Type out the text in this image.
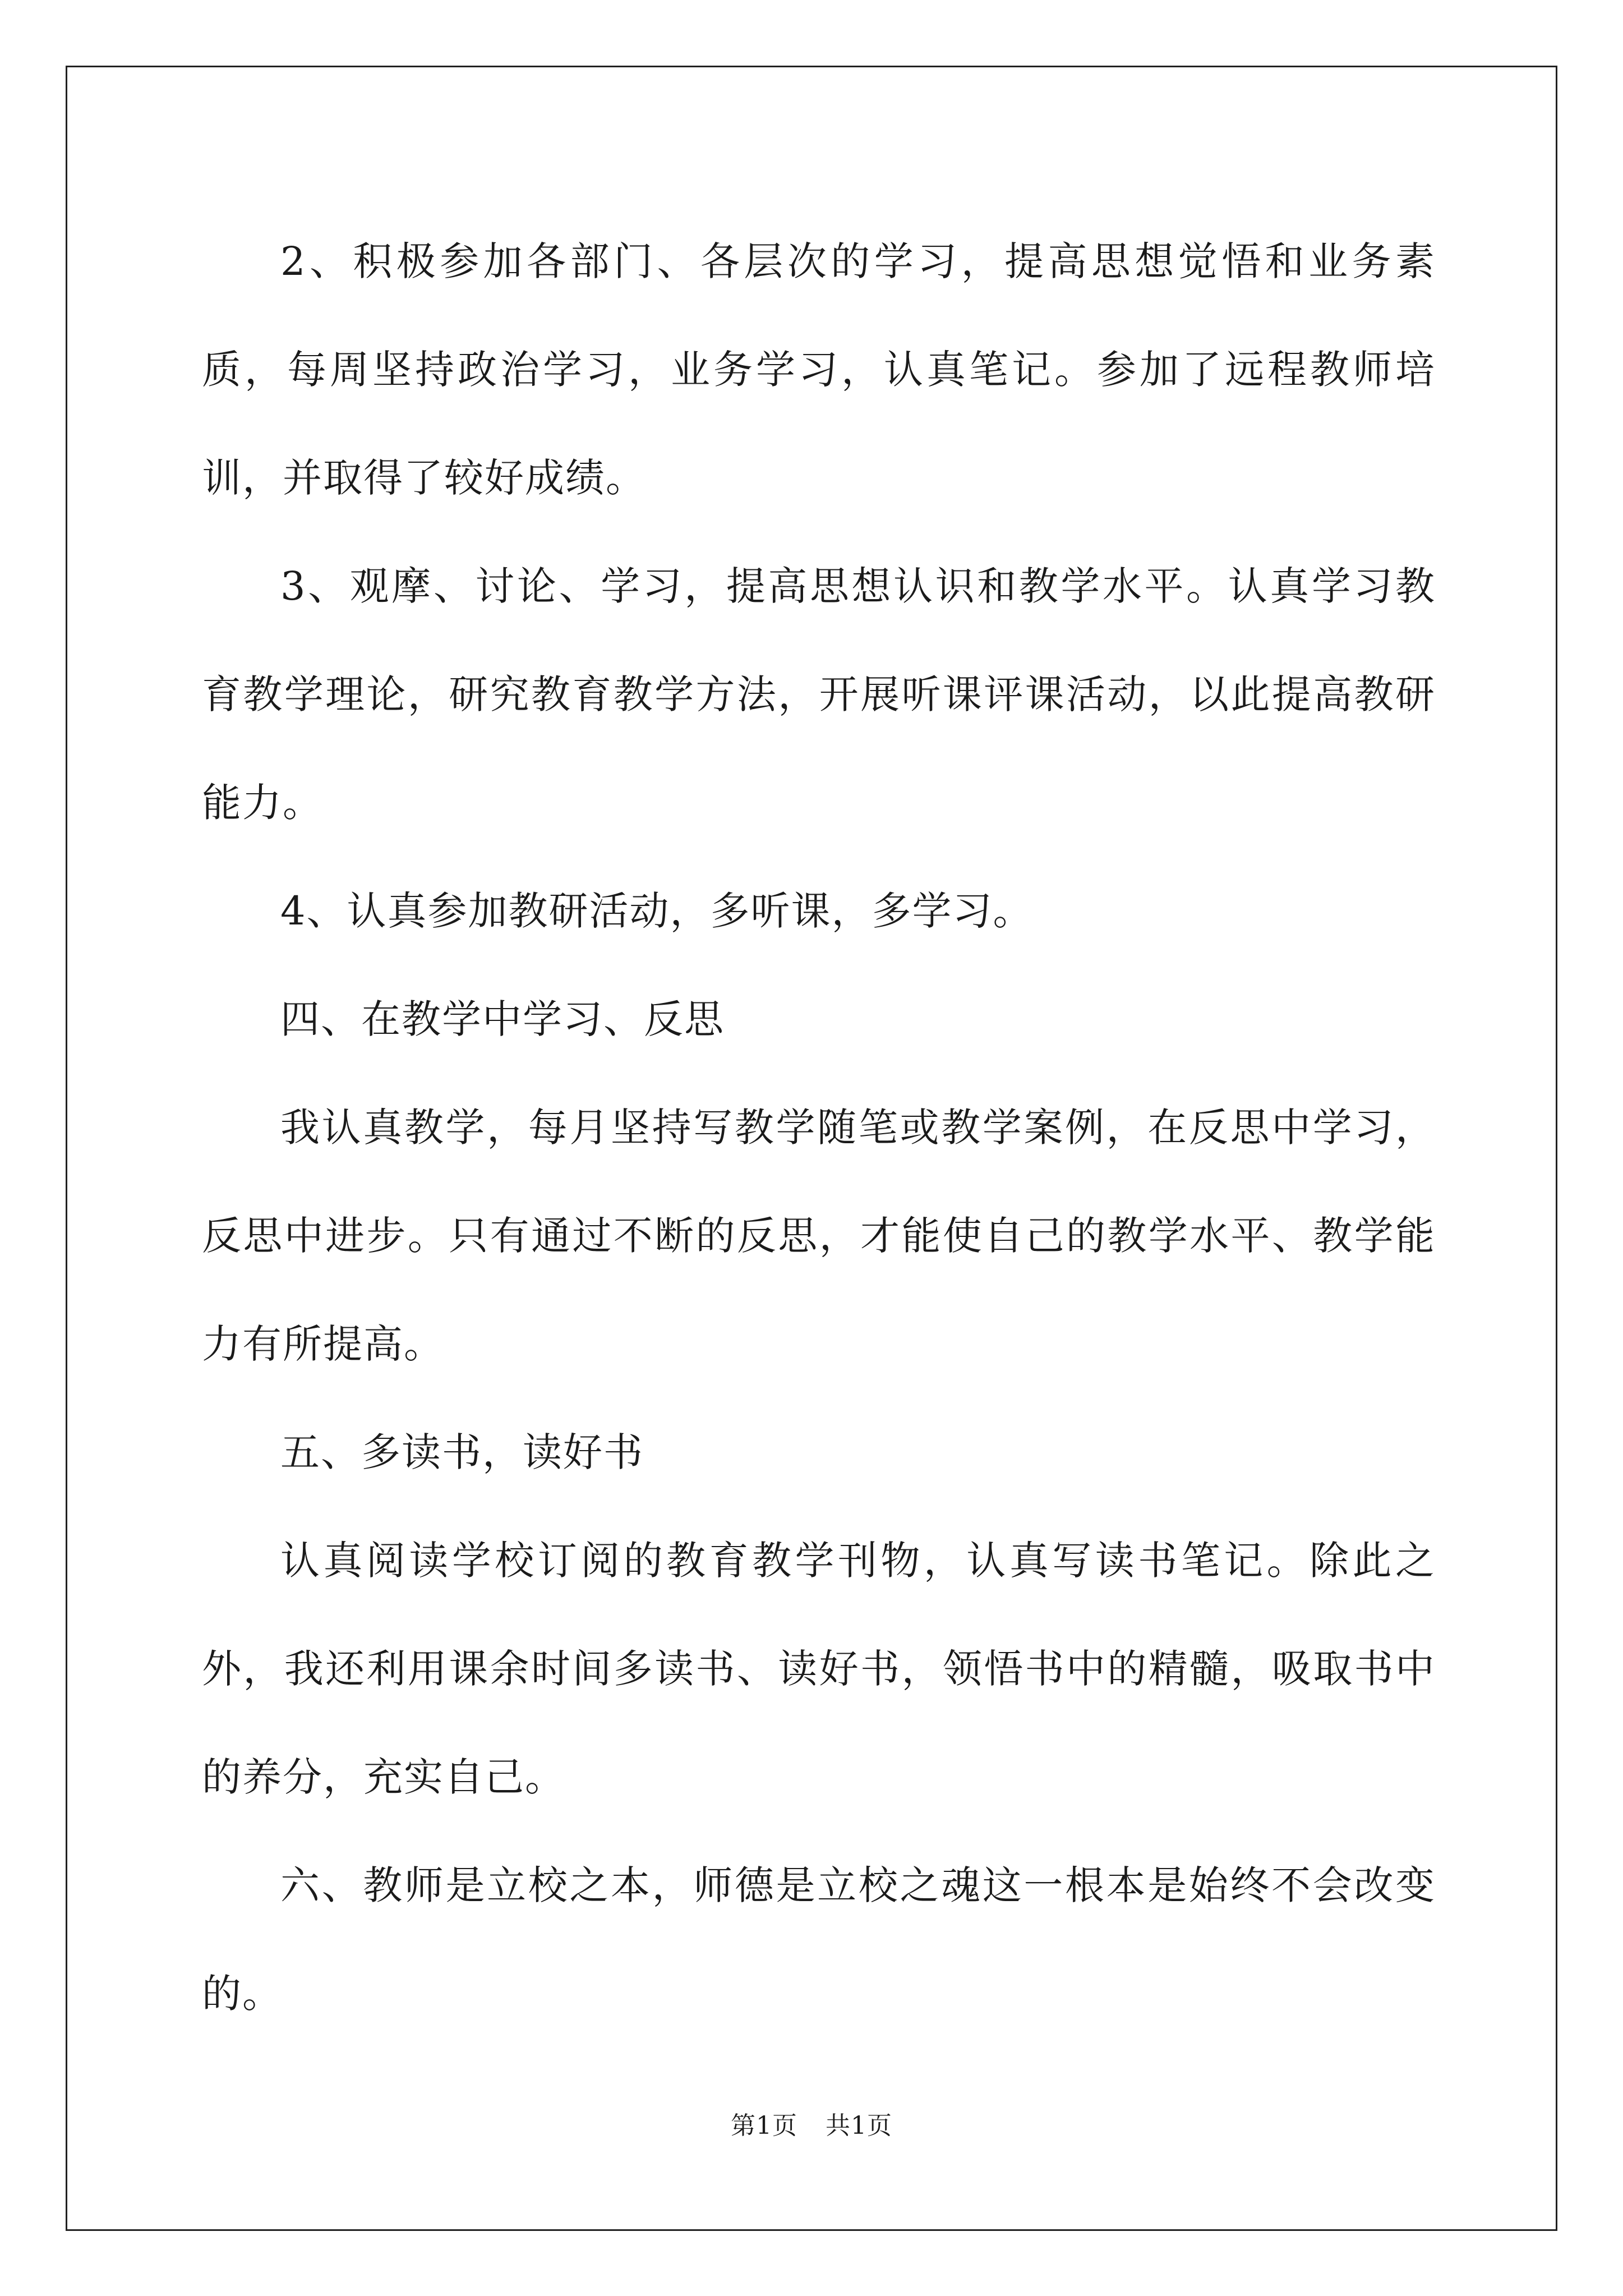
2、积极参加各部门、各层次的学习，提高思想觉悟和业务素质，每周坚持政治学习，业务学习，认真笔记。参加了远程教师培训，并取得了较好成绩。

3、观摩、讨论、学习，提高思想认识和教学水平。认真学习教育教学理论，研究教育教学方法，开展听课评课活动，以此提高教研能力。

4、认真参加教研活动，多听课，多学习。

四、在教学中学习、反思

我认真教学，每月坚持写教学随笔或教学案例，在反思中学习，反思中进步。只有通过不断的反思，才能使自己的教学水平、教学能力有所提高。

五、多读书，读好书

认真阅读学校订阅的教育教学刊物，认真写读书笔记。除此之外，我还利用课余时间多读书、读好书，领悟书中的精髓，吸取书中的养分，充实自己。

六、教师是立校之本，师德是立校之魂这一根本是始终不会改变的。

第1页 共1页
